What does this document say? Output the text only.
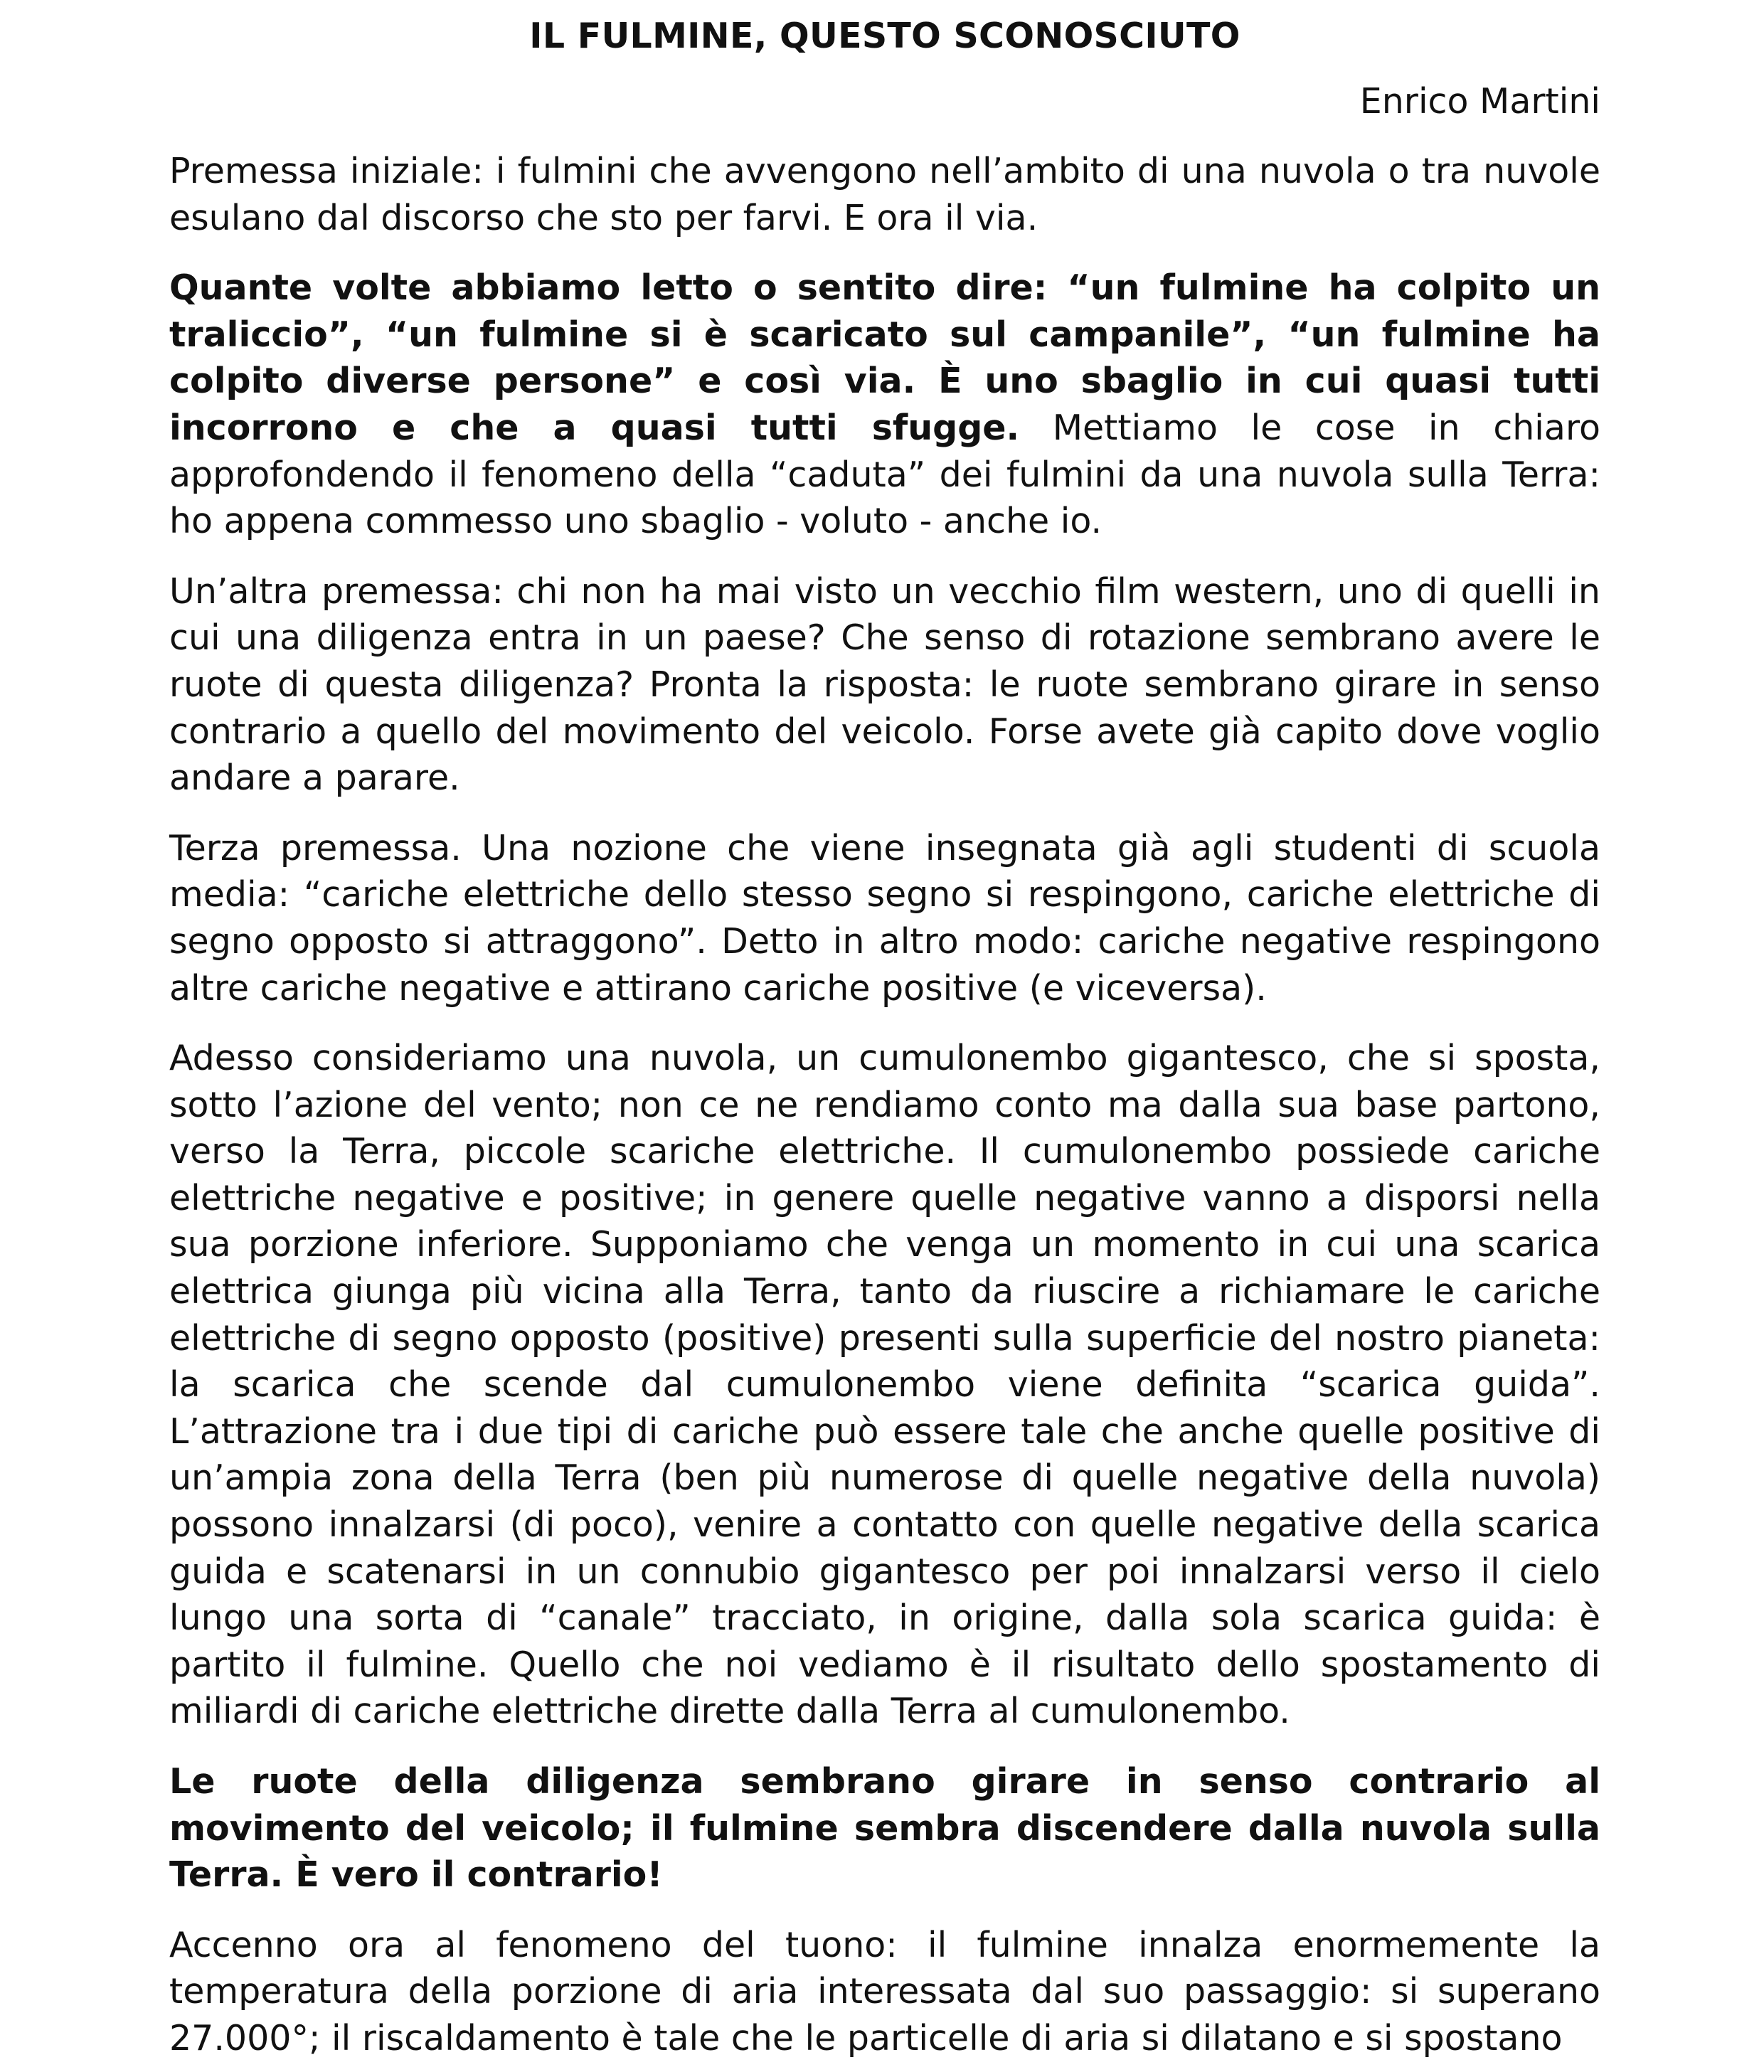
IL FULMINE, QUESTO SCONOSCIUTO
Enrico Martini

Premessa iniziale: i fulmini che avvengono nell’ambito di una nuvola o tra nuvole esulano dal discorso che sto per farvi. E ora il via.

Quante volte abbiamo letto o sentito dire: “un fulmine ha colpito un traliccio”, “un fulmine si è scaricato sul campanile”, “un fulmine ha colpito diverse persone” e così via. È uno sbaglio in cui quasi tutti incorrono e che a quasi tutti sfugge. Mettiamo le cose in chiaro approfondendo il fenomeno della “caduta” dei fulmini da una nuvola sulla Terra: ho appena commesso uno sbaglio - voluto - anche io.

Un’altra premessa: chi non ha mai visto un vecchio film western, uno di quelli in cui una diligenza entra in un paese? Che senso di rotazione sembrano avere le ruote di questa diligenza? Pronta la risposta: le ruote sembrano girare in senso contrario a quello del movimento del veicolo. Forse avete già capito dove voglio andare a parare.

Terza premessa. Una nozione che viene insegnata già agli studenti di scuola media: “cariche elettriche dello stesso segno si respingono, cariche elettriche di segno opposto si attraggono”. Detto in altro modo: cariche negative respingono altre cariche negative e attirano cariche positive (e viceversa).

Adesso consideriamo una nuvola, un cumulonembo gigantesco, che si sposta, sotto l’azione del vento; non ce ne rendiamo conto ma dalla sua base partono, verso la Terra, piccole scariche elettriche. Il cumulonembo possiede cariche elettriche negative e positive; in genere quelle negative vanno a disporsi nella sua porzione inferiore. Supponiamo che venga un momento in cui una scarica elettrica giunga più vicina alla Terra, tanto da riuscire a richiamare le cariche elettriche di segno opposto (positive) presenti sulla superficie del nostro pianeta: la scarica che scende dal cumulonembo viene definita “scarica guida”. L’attrazione tra i due tipi di cariche può essere tale che anche quelle positive di un’ampia zona della Terra (ben più numerose di quelle negative della nuvola) possono innalzarsi (di poco), venire a contatto con quelle negative della scarica guida e scatenarsi in un connubio gigantesco per poi innalzarsi verso il cielo lungo una sorta di “canale” tracciato, in origine, dalla sola scarica guida: è partito il fulmine. Quello che noi vediamo è il risultato dello spostamento di miliardi di cariche elettriche dirette dalla Terra al cumulonembo.

Le ruote della diligenza sembrano girare in senso contrario al movimento del veicolo; il fulmine sembra discendere dalla nuvola sulla Terra. È vero il contrario!

Accenno ora al fenomeno del tuono: il fulmine innalza enormemente la temperatura della porzione di aria interessata dal suo passaggio: si superano 27.000°; il riscaldamento è tale che le particelle di aria si dilatano e si spostano
